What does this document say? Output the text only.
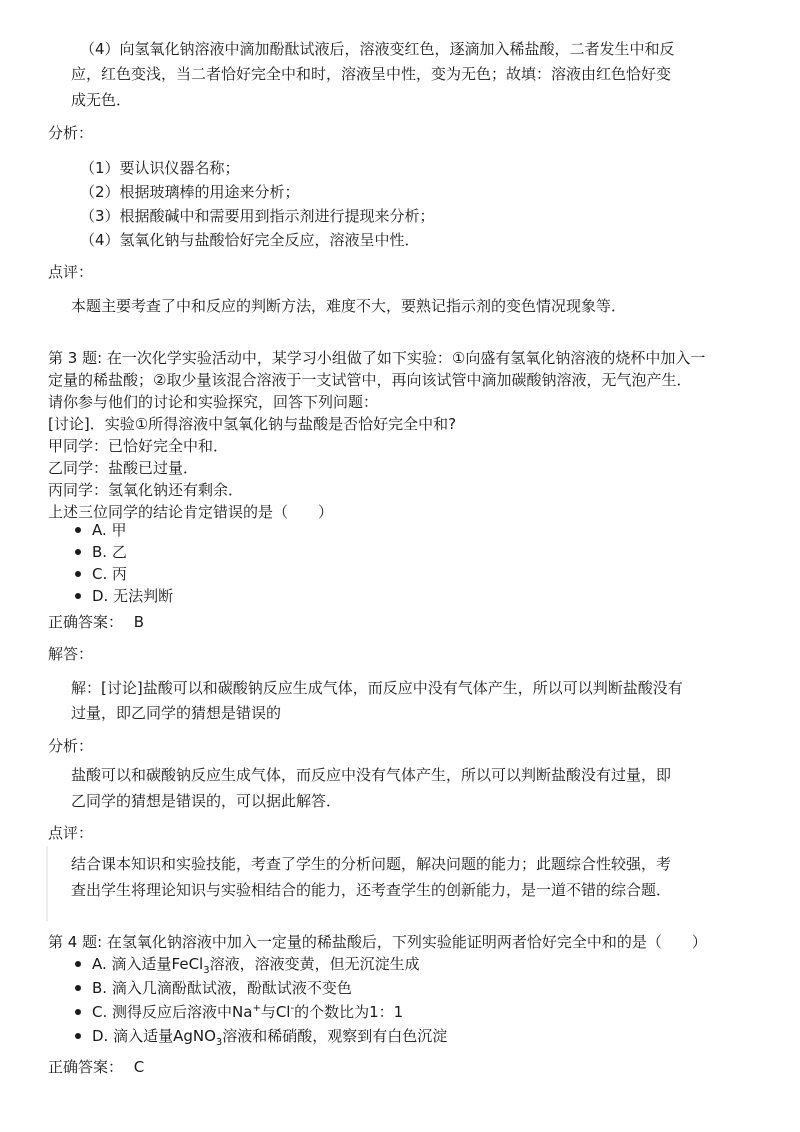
（4）向氢氧化钠溶液中滴加酚酞试液后，溶液变红色，逐滴加入稀盐酸，二者发生中和反

应，红色变浅，当二者恰好完全中和时，溶液呈中性，变为无色；故填：溶液由红色恰好变

成无色．

分析：

（1）要认识仪器名称；

（2）根据玻璃棒的用途来分析；

（3）根据酸碱中和需要用到指示剂进行提现来分析；

（4）氢氧化钠与盐酸恰好完全反应，溶液呈中性．

点评：

本题主要考查了中和反应的判断方法，难度不大，要熟记指示剂的变色情况现象等．

第 3 题: 在一次化学实验活动中，某学习小组做了如下实验：①向盛有氢氧化钠溶液的烧杯中加入一

定量的稀盐酸；②取少量该混合溶液于一支试管中，再向该试管中滴加碳酸钠溶液，无气泡产生．

请你参与他们的讨论和实验探究，回答下列问题：

[讨论]．实验①所得溶液中氢氧化钠与盐酸是否恰好完全中和?

甲同学：已恰好完全中和．

乙同学：盐酸已过量．

丙同学：氢氧化钠还有剩余．

上述三位同学的结论肯定错误的是（　　）

A. 甲
B. 乙
C. 丙
D. 无法判断

正确答案： B

解答：

解：[讨论]盐酸可以和碳酸钠反应生成气体，而反应中没有气体产生，所以可以判断盐酸没有

过量，即乙同学的猜想是错误的

分析：

盐酸可以和碳酸钠反应生成气体，而反应中没有气体产生，所以可以判断盐酸没有过量，即

乙同学的猜想是错误的，可以据此解答．

点评：

结合课本知识和实验技能，考查了学生的分析问题，解决问题的能力；此题综合性较强，考

查出学生将理论知识与实验相结合的能力，还考查学生的创新能力，是一道不错的综合题．

第 4 题: 在氢氧化钠溶液中加入一定量的稀盐酸后，下列实验能证明两者恰好完全中和的是（　　）

A. 滴入适量FeCl$_3$溶液，溶液变黄，但无沉淀生成
B. 滴入几滴酚酞试液，酚酞试液不变色
C. 测得反应后溶液中Na+与Cl-的个数比为1：1
D. 滴入适量AgNO$_3$溶液和稀硝酸，观察到有白色沉淀

正确答案： C
